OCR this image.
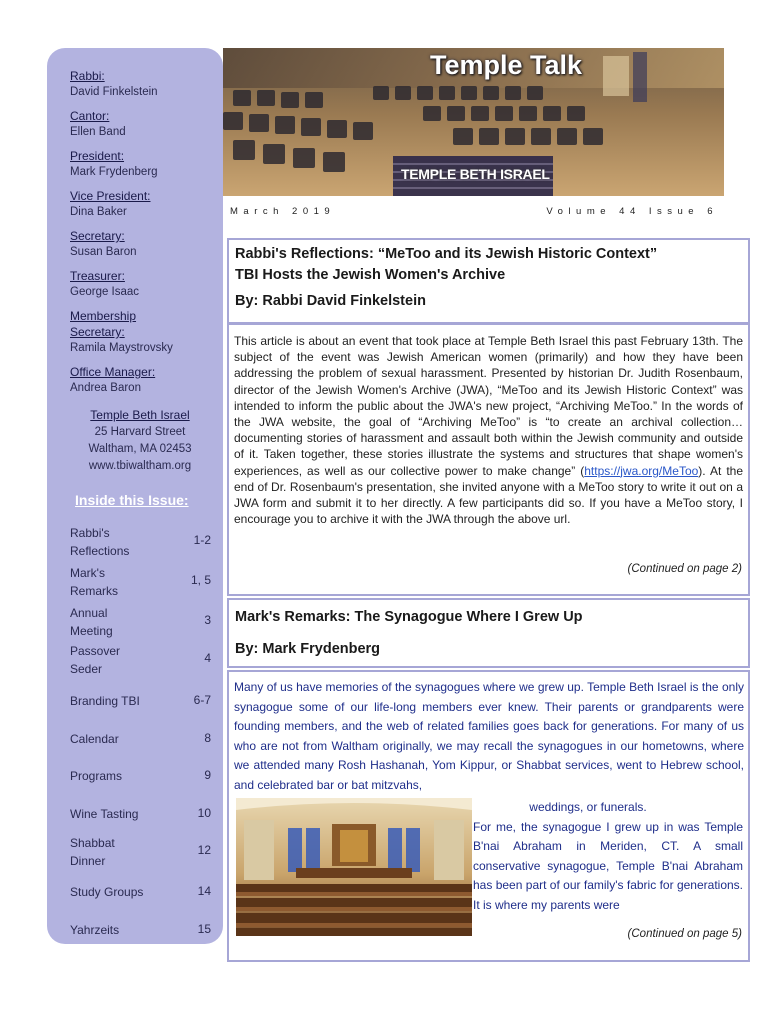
Rabbi:
David Finkelstein
Cantor:
Ellen Band
President:
Mark Frydenberg
Vice President:
Dina Baker
Secretary:
Susan Baron
Treasurer:
George Isaac
Membership Secretary:
Ramila Maystrovsky
Office Manager:
Andrea Baron
Temple Beth Israel
25 Harvard Street
Waltham, MA 02453
www.tbiwaltham.org
Inside this Issue:
Rabbi's Reflections
1-2
Mark's Remarks
1, 5
Annual Meeting
3
Passover Seder
4
Branding TBI	6-7
Calendar	8
Programs	9
Wine Tasting	10
Shabbat Dinner
12
Study Groups	14
Yahrzeits	15
Temple Talk
TEMPLE BETH ISRAEL
March 2019	Volume 44 Issue 6
Rabbi's Reflections: “MeToo and its Jewish Historic Context”
TBI Hosts the Jewish Women's Archive
By: Rabbi David Finkelstein
This article is about an event that took place at Temple Beth Israel this past February 13th. The subject of the event was Jewish American women (primarily) and how they have been addressing the problem of sexual harassment. Presented by historian Dr. Judith Rosenbaum, director of the Jewish Women's Archive (JWA), “MeToo and its Jewish Historic Context” was intended to inform the public about the JWA's new project, “Archiving MeToo.” In the words of the JWA website, the goal of “Archiving MeToo” is “to create an archival collection…documenting stories of harassment and assault both within the Jewish community and outside of it. Taken together, these stories illustrate the systems and structures that shape women's experiences, as well as our collective power to make change” (https://jwa.org/MeToo). At the end of Dr. Rosenbaum's presentation, she invited anyone with a MeToo story to write it out on a JWA form and submit it to her directly. A few participants did so. If you have a MeToo story, I encourage you to archive it with the JWA through the above url.
(Continued on page 2)
Mark's Remarks: The Synagogue Where I Grew Up
By: Mark Frydenberg
Many of us have memories of the synagogues where we grew up. Temple Beth Israel is the only synagogue some of our life-long members ever knew. Their parents or grandparents were founding members, and the web of related families goes back for generations. For many of us who are not from Waltham originally, we may recall the synagogues in our hometowns, where we attended many Rosh Hashanah, Yom Kippur, or Shabbat services, went to Hebrew school, and celebrated bar or bat mitzvahs,
weddings, or funerals.
For me, the synagogue I grew up in was Temple B'nai Abraham in Meriden, CT. A small conservative synagogue, Temple B'nai Abraham has been part of our family's fabric for generations. It is where my parents were
(Continued on page 5)
